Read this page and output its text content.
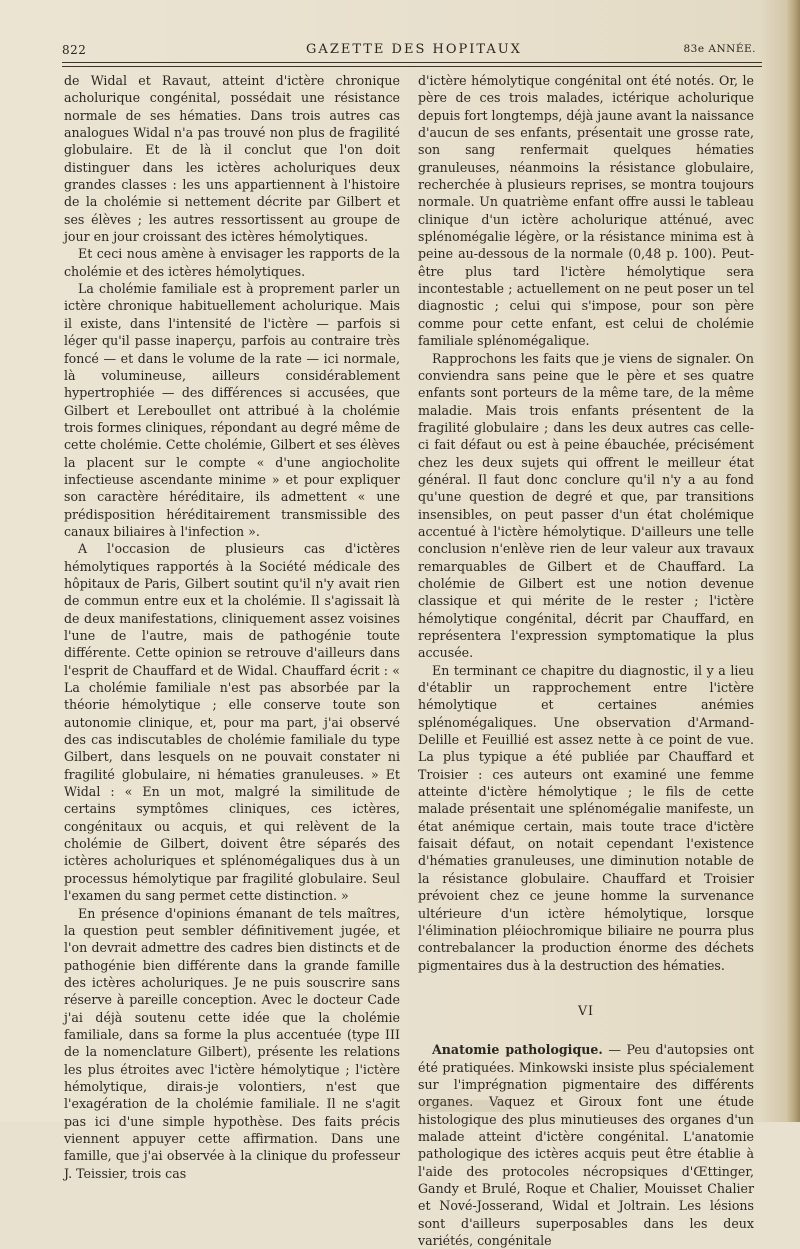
822	GAZETTE DES HOPITAUX	83e ANNÉE.

de Widal et Ravaut, atteint d'ictère chronique acholurique congénital, possédait une résistance normale de ses hématies. Dans trois autres cas analogues Widal n'a pas trouvé non plus de fragilité globulaire. Et de là il conclut que l'on doit distinguer dans les ictères acholuriques deux grandes classes : les uns appartiennent à l'histoire de la cholémie si nettement décrite par Gilbert et ses élèves ; les autres ressortissent au groupe de jour en jour croissant des ictères hémolytiques.

Et ceci nous amène à envisager les rapports de la cholémie et des ictères hémolytiques.

La cholémie familiale est à proprement parler un ictère chronique habituellement acholurique. Mais il existe, dans l'intensité de l'ictère — parfois si léger qu'il passe inaperçu, parfois au contraire très foncé — et dans le volume de la rate — ici normale, là volumineuse, ailleurs considérablement hypertrophiée — des différences si accusées, que Gilbert et Lereboullet ont attribué à la cholémie trois formes cliniques, répondant au degré même de cette cholémie. Cette cholémie, Gilbert et ses élèves la placent sur le compte « d'une angiocholite infectieuse ascendante minime » et pour expliquer son caractère héréditaire, ils admettent « une prédisposition héréditairement transmissible des canaux biliaires à l'infection ».

A l'occasion de plusieurs cas d'ictères hémolytiques rapportés à la Société médicale des hôpitaux de Paris, Gilbert soutint qu'il n'y avait rien de commun entre eux et la cholémie. Il s'agissait là de deux manifestations, cliniquement assez voisines l'une de l'autre, mais de pathogénie toute différente. Cette opinion se retrouve d'ailleurs dans l'esprit de Chauffard et de Widal. Chauffard écrit : « La cholémie familiale n'est pas absorbée par la théorie hémolytique ; elle conserve toute son autonomie clinique, et, pour ma part, j'ai observé des cas indiscutables de cholémie familiale du type Gilbert, dans lesquels on ne pouvait constater ni fragilité globulaire, ni hématies granuleuses. » Et Widal : « En un mot, malgré la similitude de certains symptômes cliniques, ces ictères, congénitaux ou acquis, et qui relèvent de la cholémie de Gilbert, doivent être séparés des ictères acholuriques et splénomégaliques dus à un processus hémolytique par fragilité globulaire. Seul l'examen du sang permet cette distinction. »

En présence d'opinions émanant de tels maîtres, la question peut sembler définitivement jugée, et l'on devrait admettre des cadres bien distincts et de pathogénie bien différente dans la grande famille des ictères acholuriques. Je ne puis souscrire sans réserve à pareille conception. Avec le docteur Cade j'ai déjà soutenu cette idée que la cholémie familiale, dans sa forme la plus accentuée (type III de la nomenclature Gilbert), présente les relations les plus étroites avec l'ictère hémolytique ; l'ictère hémolytique, dirais-je volontiers, n'est que l'exagération de la cholémie familiale. Il ne s'agit pas ici d'une simple hypothèse. Des faits précis viennent appuyer cette affirmation. Dans une famille, que j'ai observée à la clinique du professeur J. Teissier, trois cas

d'ictère hémolytique congénital ont été notés. Or, le père de ces trois malades, ictérique acholurique depuis fort longtemps, déjà jaune avant la naissance d'aucun de ses enfants, présentait une grosse rate, son sang renfermait quelques hématies granuleuses, néanmoins la résistance globulaire, recherchée à plusieurs reprises, se montra toujours normale. Un quatrième enfant offre aussi le tableau clinique d'un ictère acholurique atténué, avec splénomégalie légère, or la résistance minima est à peine au-dessous de la normale (0,48 p. 100). Peut-être plus tard l'ictère hémolytique sera incontestable ; actuellement on ne peut poser un tel diagnostic ; celui qui s'impose, pour son père comme pour cette enfant, est celui de cholémie familiale splénomégalique.

Rapprochons les faits que je viens de signaler. On conviendra sans peine que le père et ses quatre enfants sont porteurs de la même tare, de la même maladie. Mais trois enfants présentent de la fragilité globulaire ; dans les deux autres cas celle-ci fait défaut ou est à peine ébauchée, précisément chez les deux sujets qui offrent le meilleur état général. Il faut donc conclure qu'il n'y a au fond qu'une question de degré et que, par transitions insensibles, on peut passer d'un état cholémique accentué à l'ictère hémolytique. D'ailleurs une telle conclusion n'enlève rien de leur valeur aux travaux remarquables de Gilbert et de Chauffard. La cholémie de Gilbert est une notion devenue classique et qui mérite de le rester ; l'ictère hémolytique congénital, décrit par Chauffard, en représentera l'expression symptomatique la plus accusée.

En terminant ce chapitre du diagnostic, il y a lieu d'établir un rapprochement entre l'ictère hémolytique et certaines anémies splénomégaliques. Une observation d'Armand-Delille et Feuillié est assez nette à ce point de vue. La plus typique a été publiée par Chauffard et Troisier : ces auteurs ont examiné une femme atteinte d'ictère hémolytique ; le fils de cette malade présentait une splénomégalie manifeste, un état anémique certain, mais toute trace d'ictère faisait défaut, on notait cependant l'existence d'hématies granuleuses, une diminution notable de la résistance globulaire. Chauffard et Troisier prévoient chez ce jeune homme la survenance ultérieure d'un ictère hémolytique, lorsque l'élimination pléiochromique biliaire ne pourra plus contrebalancer la production énorme des déchets pigmentaires dus à la destruction des hématies.

VI

Anatomie pathologique. — Peu d'autopsies ont été pratiquées. Minkowski insiste plus spécialement sur l'imprégnation pigmentaire des différents organes. Vaquez et Giroux font une étude histologique des plus minutieuses des organes d'un malade atteint d'ictère congénital. L'anatomie pathologique des ictères acquis peut être établie à l'aide des protocoles nécropsiques d'Œttinger, Gandy et Brulé, Roque et Chalier, Mouisset Chalier et Nové-Josserand, Widal et Joltrain. Les lésions sont d'ailleurs superposables dans les deux variétés, congénitale
